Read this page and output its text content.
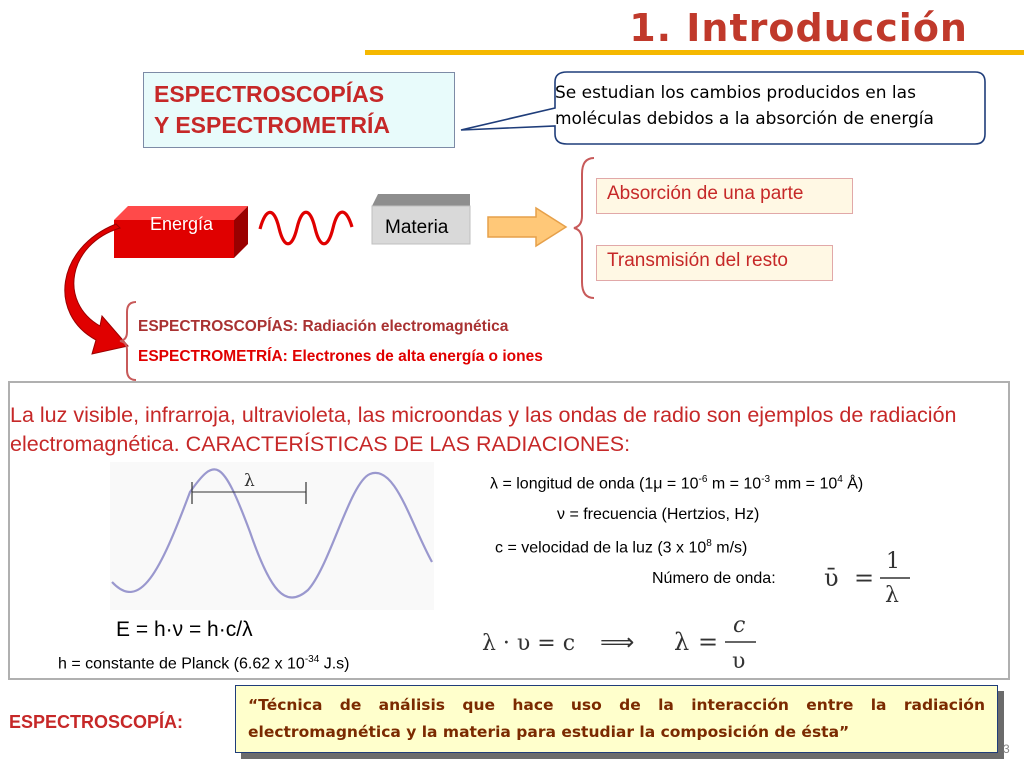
1. Introducción
ESPECTROSCOPÍAS
Y ESPECTROMETRÍA
Se estudian los cambios producidos en las moléculas debidos a la absorción de energía
Energía	Materia
Absorción de una parte
Transmisión del resto
ESPECTROSCOPÍAS: Radiación electromagnética
ESPECTROMETRÍA: Electrones de alta energía o iones
La luz visible, infrarroja, ultravioleta, las microondas y las ondas de radio son ejemplos de radiación electromagnética. CARACTERÍSTICAS DE LAS RADIACIONES:
λ	λ = longitud de onda ($1\mu = 10^{-6}$ $m = 10^{-3}$ mm = $10^4$ Å)
ν = frecuencia (Hertzios, Hz)
c = velocidad de la luz (3 x $10^8$ m/s)
Número de onda: ῡ =
1
λ
λ · υ = c ⟹ λ =
c
υ
E = h·ν = h·c/λ
h = constante de Planck (6.62 x $10^{-34}$ J.s)
ESPECTROSCOPÍA:
“Técnica de análisis que hace uso de la interacción entre la radiación electromagnética y la materia para estudiar la composición de ésta”
3
